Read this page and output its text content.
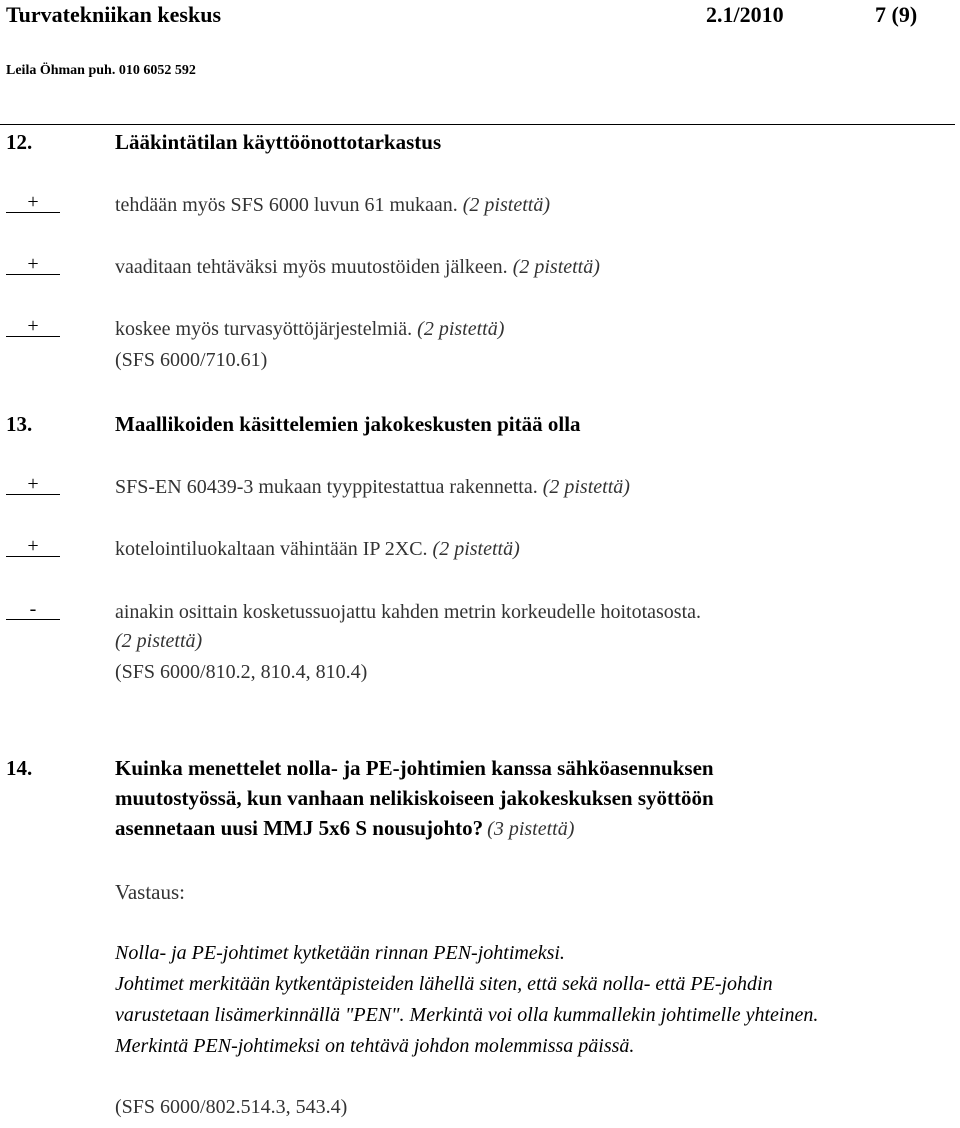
Turvatekniikan keskus	2.1/2010	7 (9)
Leila Öhman puh. 010 6052 592
12.	Lääkintätilan käyttöönottotarkastus
+	tehdään myös SFS 6000 luvun 61 mukaan. (2 pistettä)
+	vaaditaan tehtäväksi myös muutostöiden jälkeen. (2 pistettä)
+	koskee myös turvasyöttöjärjestelmiä. (2 pistettä)
(SFS 6000/710.61)
13.	Maallikoiden käsittelemien jakokeskusten pitää olla
+	SFS-EN 60439-3 mukaan tyyppitestattua rakennetta. (2 pistettä)
+	kotelointiluokaltaan vähintään IP 2XC. (2 pistettä)
-	ainakin osittain kosketussuojattu kahden metrin korkeudelle hoitotasosta.
(2 pistettä)
(SFS 6000/810.2, 810.4, 810.4)
14.	Kuinka menettelet nolla- ja PE-johtimien kanssa sähköasennuksen
muutostyössä, kun vanhaan nelikiskoiseen jakokeskuksen syöttöön
asennetaan uusi MMJ 5x6 S nousujohto? (3 pistettä)
Vastaus:
Nolla- ja PE-johtimet kytketään rinnan PEN-johtimeksi.
Johtimet merkitään kytkentäpisteiden lähellä siten, että sekä nolla- että PE-johdin
varustetaan lisämerkinnällä "PEN". Merkintä voi olla kummallekin johtimelle yhteinen.
Merkintä PEN-johtimeksi on tehtävä johdon molemmissa päissä.
(SFS 6000/802.514.3, 543.4)
